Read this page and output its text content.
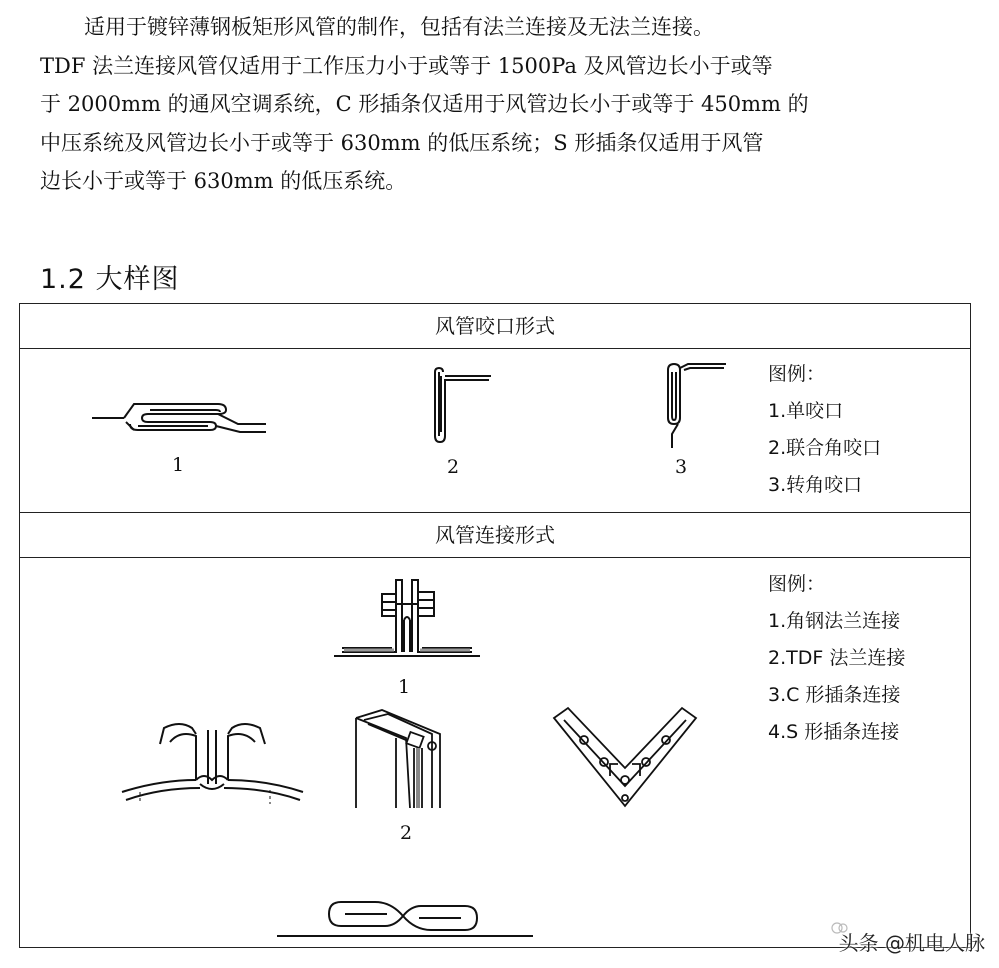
适用于镀锌薄钢板矩形风管的制作，包括有法兰连接及无法兰连接。

TDF 法兰连接风管仅适用于工作压力小于或等于 1500Pa 及风管边长小于或等

于 2000mm 的通风空调系统，C 形插条仅适用于风管边长小于或等于 450mm 的

中压系统及风管边长小于或等于 630mm 的低压系统；S 形插条仅适用于风管

边长小于或等于 630mm 的低压系统。

1.2 大样图
风管咬口形式
1	2	3
图例：
1.单咬口
2.联合角咬口
3.转角咬口
风管连接形式
1
2
图例：
1.角钢法兰连接
2.TDF 法兰连接
3.C 形插条连接
4.S 形插条连接
头条 @机电人脉
